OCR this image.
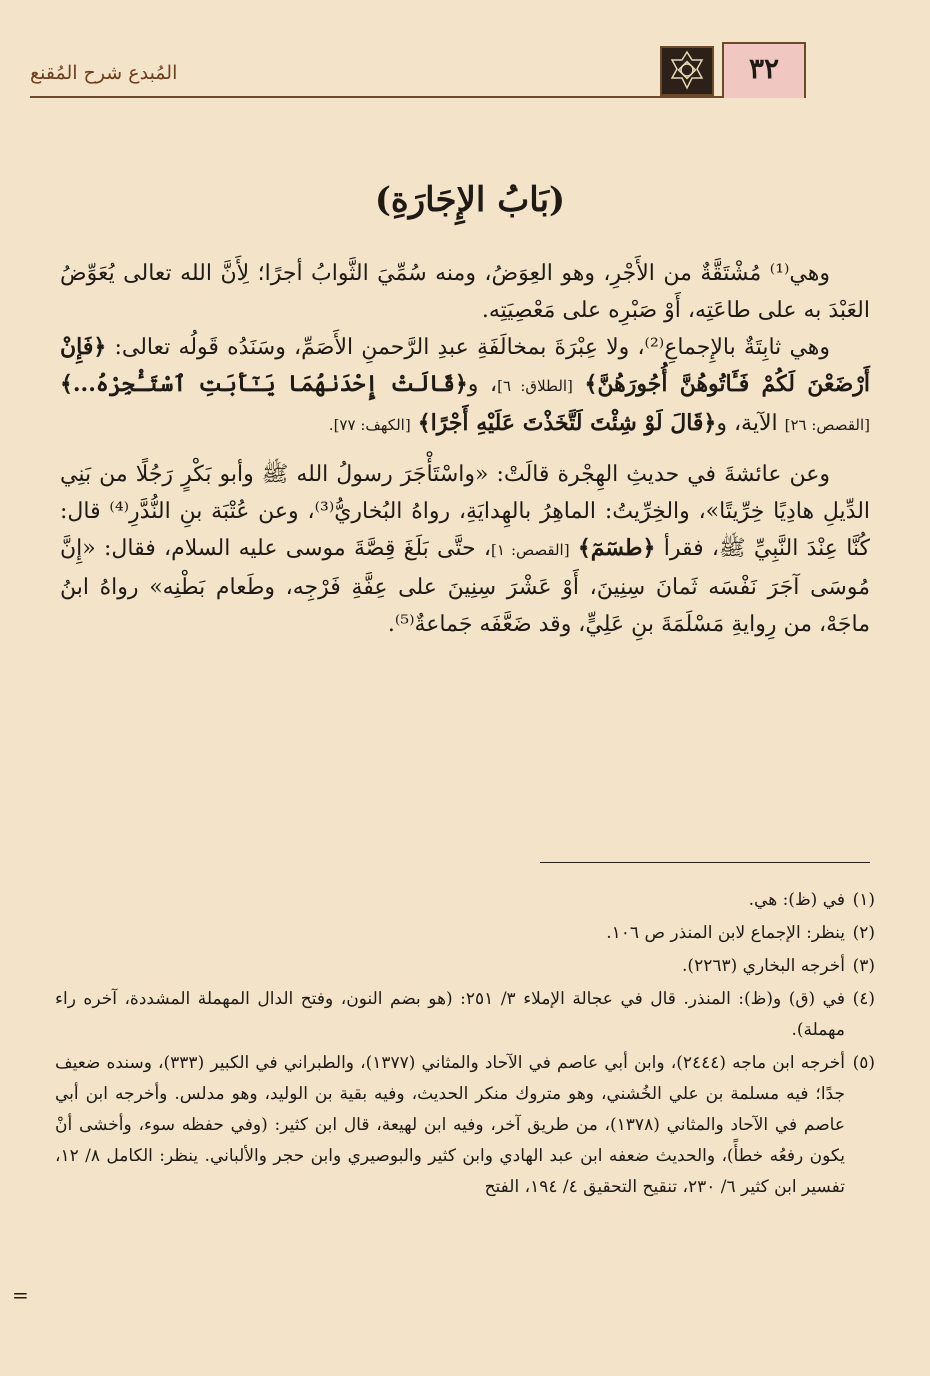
المُبدع شرح المُقنع	٣٢
(بَابُ الإِجَارَةِ)

وهي⁽¹⁾ مُشْتَقَّةٌ من الأَجْرِ، وهو العِوَضُ، ومنه سُمِّيَ الثَّوابُ أجرًا؛ لِأَنَّ الله تعالى يُعَوِّضُ العَبْدَ به على طاعَتِه، أَوْ صَبْرِه على مَعْصِيَتِه.

وهي ثابِتَةٌ بالإِجماعِ⁽²⁾، ولا عِبْرَةَ بمخالَفَةِ عبدِ الرَّحمنِ الأَصَمِّ، وسَنَدُه قَولُه تعالى: ﴿فَإِنْ أَرْضَعْنَ لَكُمْ فَـَٔاتُوهُنَّ أُجُورَهُنَّ﴾ [الطلاق: ٦]، و﴿قَالَتْ إِحْدَىٰهُمَا يَـٰٓأَبَتِ ٱسْتَـْٔجِرْهُ...﴾ [القصص: ٢٦] الآية، و﴿قَالَ لَوْ شِئْتَ لَتَّخَذْتَ عَلَيْهِ أَجْرًا﴾ [الكهف: ٧٧].

وعن عائشةَ في حديثِ الهِجْرة قالَتْ: «واسْتَأْجَرَ رسولُ الله ﷺ وأبو بَكْرٍ رَجُلًا من بَنِي الدِّيلِ هادِيًا خِرِّيتًا»، والخِرِّيتُ: الماهِرُ بالهِدايَةِ، رواهُ البُخاريُّ⁽³⁾، وعن عُتْبَة بنِ النُّدَّرِ⁽⁴⁾ قال: كُنَّا عِنْدَ النَّبِيِّ ﷺ، فقرأ ﴿طسٓمٓ﴾ [القصص: ١]، حتَّى بَلَغَ قِصَّةَ موسى عليه السلام، فقال: «إِنَّ مُوسَى آجَرَ نَفْسَه ثَمانَ سِنِينَ، أَوْ عَشْرَ سِنِينَ على عِفَّةِ فَرْجِه، وطَعام بَطْنِه» رواهُ ابنُ ماجَهْ، من رِوايةِ مَسْلَمَةَ بنِ عَلِيٍّ، وقد ضَعَّفَه جَماعةٌ⁽⁵⁾.

(١)
في (ظ): هي.
(٢)
ينظر: الإجماع لابن المنذر ص ١٠٦.
(٣)
أخرجه البخاري (٢٢٦٣).
(٤)
في (ق) و(ظ): المنذر. قال في عجالة الإملاء ٣/ ٢٥١: (هو بضم النون، وفتح الدال المهملة المشددة، آخره راء مهملة).
(٥)
أخرجه ابن ماجه (٢٤٤٤)، وابن أبي عاصم في الآحاد والمثاني (١٣٧٧)، والطبراني في الكبير (٣٣٣)، وسنده ضعيف جدًا؛ فيه مسلمة بن علي الخُشني، وهو متروك منكر الحديث، وفيه بقية بن الوليد، وهو مدلس. وأخرجه ابن أبي عاصم في الآحاد والمثاني (١٣٧٨)، من طريق آخر، وفيه ابن لهيعة، قال ابن كثير: (وفي حفظه سوء، وأخشى أنْ يكون رفعُه خطأً)، والحديث ضعفه ابن عبد الهادي وابن كثير والبوصيري وابن حجر والألباني. ينظر: الكامل ٨/ ١٢، تفسير ابن كثير ٦/ ٢٣٠، تنقيح التحقيق ٤/ ١٩٤، الفتح
=
